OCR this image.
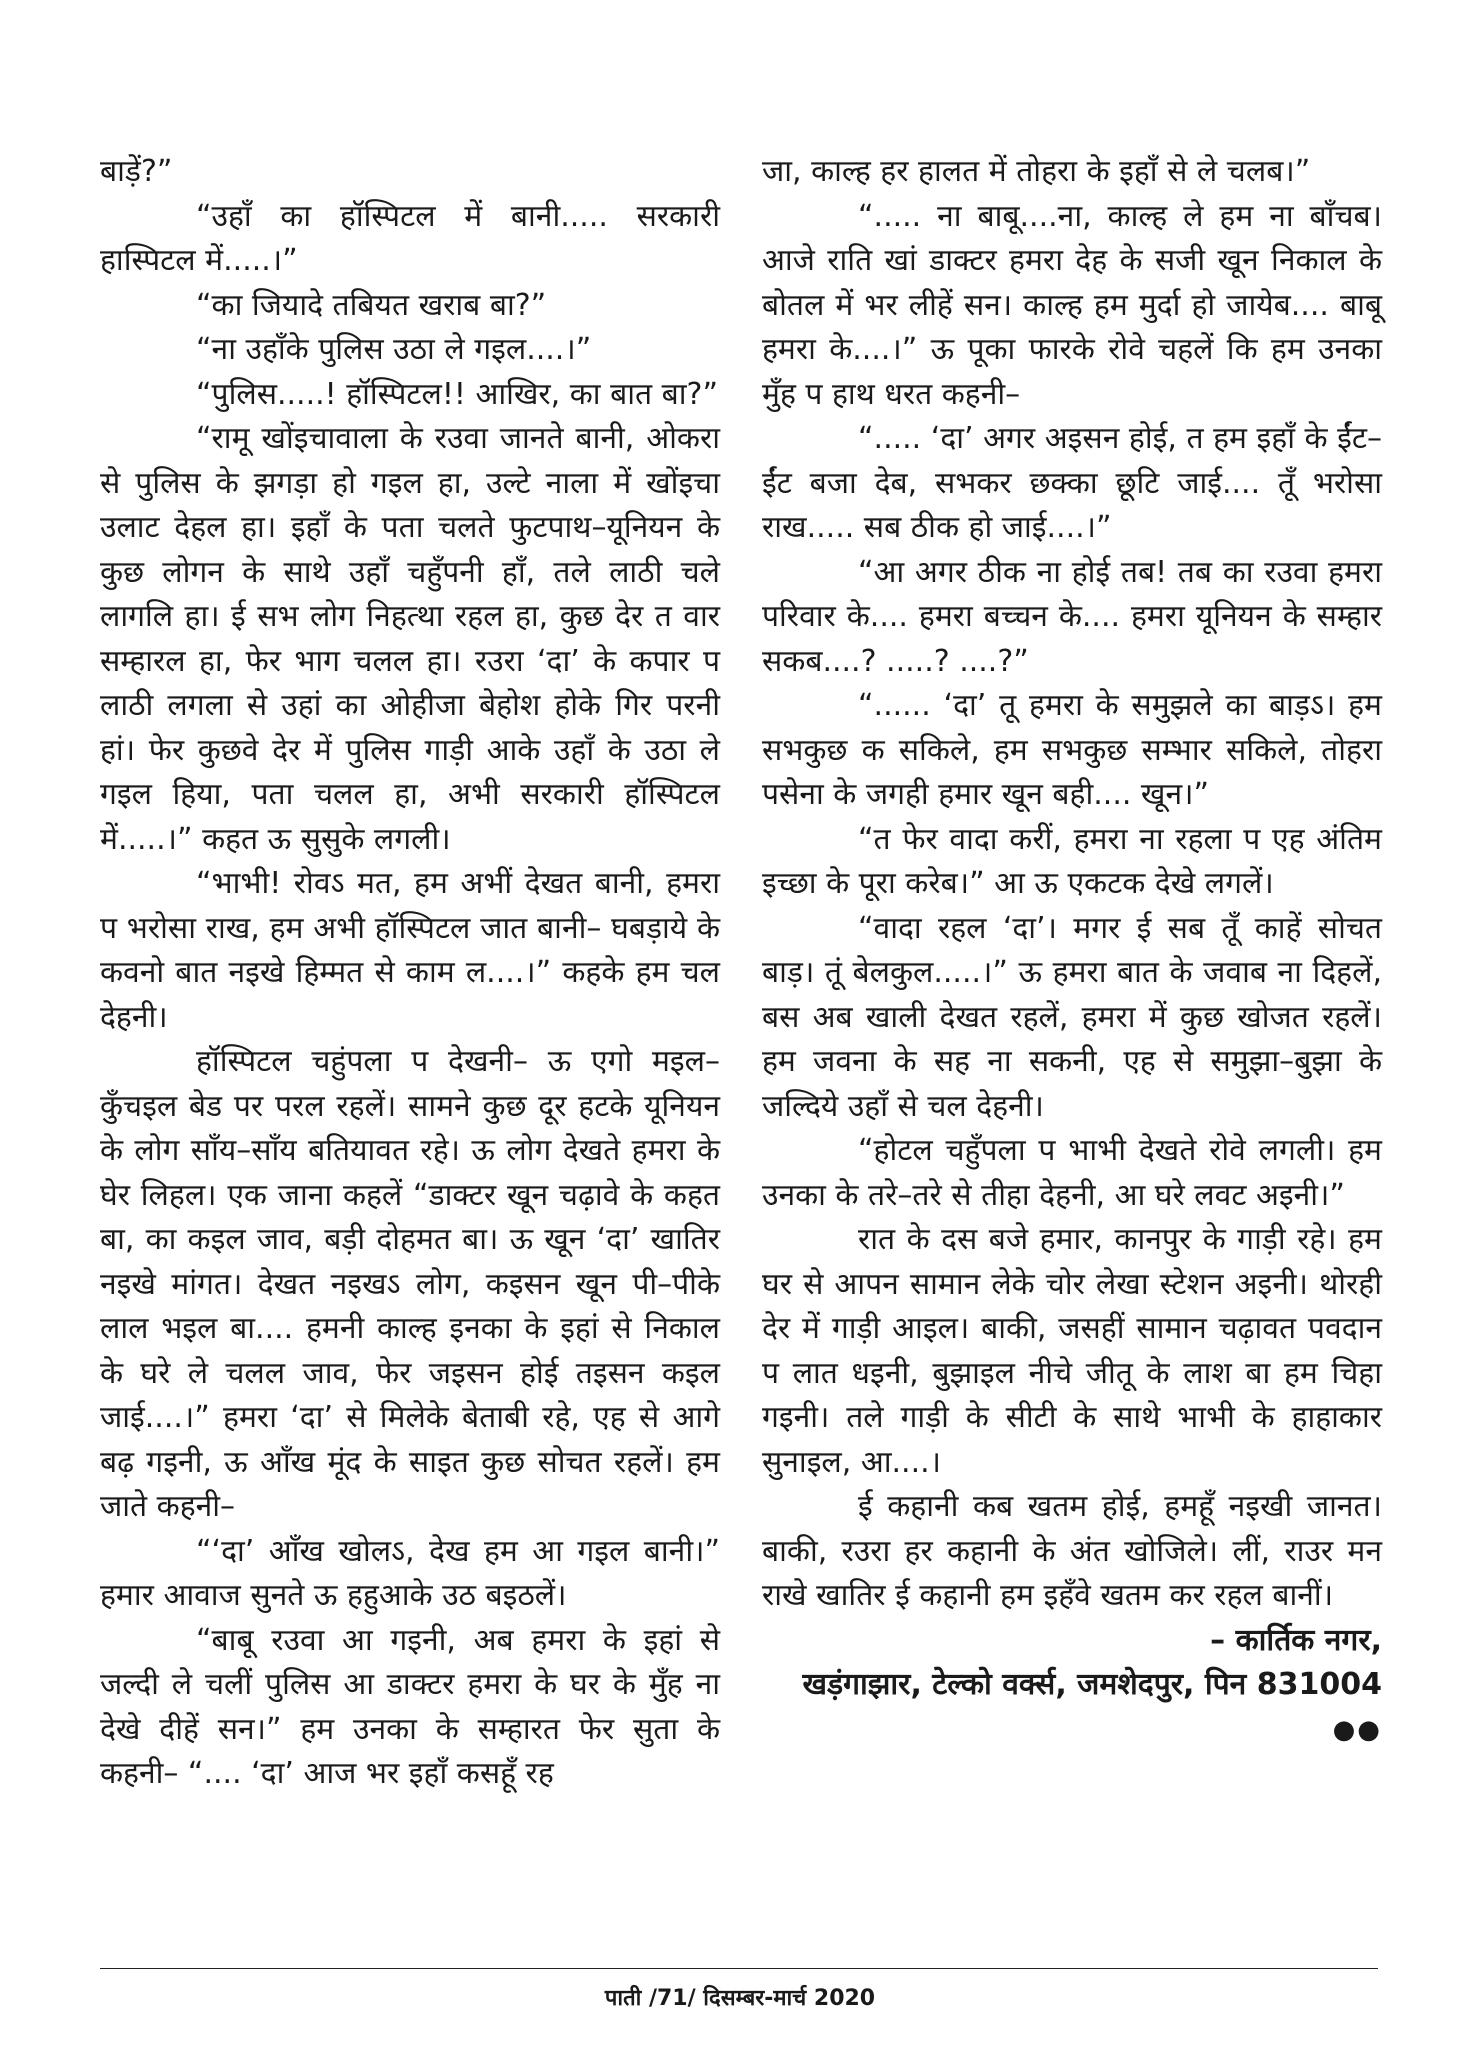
बाड़ें?”

“उहाँ का हॉस्पिटल में बानी..... सरकारी हास्पिटल में.....।”

“का जियादे तबियत खराब बा?”

“ना उहाँके पुलिस उठा ले गइल....।”

“पुलिस.....! हॉस्पिटल!! आखिर, का बात बा?”

“रामू खोंइचावाला के रउवा जानते बानी, ओकरा से पुलिस के झगड़ा हो गइल हा, उल्टे नाला में खोंइचा उलाट देहल हा। इहाँ के पता चलते फुटपाथ–यूनियन के कुछ लोगन के साथे उहाँ चहुँपनी हाँ, तले लाठी चले लागलि हा। ई सभ लोग निहत्था रहल हा, कुछ देर त वार सम्हारल हा, फेर भाग चलल हा। रउरा ‘दा’ के कपार प लाठी लगला से उहां का ओहीजा बेहोश होके गिर परनी हां। फेर कुछवे देर में पुलिस गाड़ी आके उहाँ के उठा ले गइल हिया, पता चलल हा, अभी सरकारी हॉस्पिटल में.....।” कहत ऊ सुसुके लगली।

“भाभी! रोवऽ मत, हम अभीं देखत बानी, हमरा प भरोसा राख, हम अभी हॉस्पिटल जात बानी– घबड़ाये के कवनो बात नइखे हिम्मत से काम ल....।” कहके हम चल देहनी।

हॉस्पिटल चहुंपला प देखनी– ऊ एगो मइल–कुँचइल बेड पर परल रहलें। सामने कुछ दूर हटके यूनियन के लोग सॉंय–सॉंय बतियावत रहे। ऊ लोग देखते हमरा के घेर लिहल। एक जाना कहलें “डाक्टर खून चढ़ावे के कहत बा, का कइल जाव, बड़ी दोहमत बा। ऊ खून ‘दा’ खातिर नइखे मांगत। देखत नइखऽ लोग, कइसन खून पी–पीके लाल भइल बा.... हमनी काल्ह इनका के इहां से निकाल के घरे ले चलल जाव, फेर जइसन होई तइसन कइल जाई....।” हमरा ‘दा’ से मिलेके बेताबी रहे, एह से आगे बढ़ गइनी, ऊ आँख मूंद के साइत कुछ सोचत रहलें। हम जाते कहनी–

“‘दा’ आँख खोलऽ, देख हम आ गइल बानी।” हमार आवाज सुनते ऊ हहुआके उठ बइठलें।

“बाबू रउवा आ गइनी, अब हमरा के इहां से जल्दी ले चलीं पुलिस आ डाक्टर हमरा के घर के मुँह ना देखे दीहें सन।” हम उनका के सम्हारत फेर सुता के कहनी– “.... ‘दा’ आज भर इहाँ कसहूँ रह

जा, काल्ह हर हालत में तोहरा के इहाँ से ले चलब।”

“..... ना बाबू....ना, काल्ह ले हम ना बाँचब। आजे राति खां डाक्टर हमरा देह के सजी खून निकाल के बोतल में भर लीहें सन। काल्ह हम मुर्दा हो जायेब.... बाबू हमरा के....।” ऊ पूका फारके रोवे चहलें कि हम उनका मुँह प हाथ धरत कहनी–

“..... ‘दा’ अगर अइसन होई, त हम इहाँ के ईंट–ईंट बजा देब, सभकर छक्का छूटि जाई.... तूँ भरोसा राख..... सब ठीक हो जाई....।”

“आ अगर ठीक ना होई तब! तब का रउवा हमरा परिवार के.... हमरा बच्चन के.... हमरा यूनियन के सम्हार सकब....? .....? ....?”

“...... ‘दा’ तू हमरा के समुझले का बाड़ऽ। हम सभकुछ क सकिले, हम सभकुछ सम्भार सकिले, तोहरा पसेना के जगही हमार खून बही.... खून।”

“त फेर वादा करीं, हमरा ना रहला प एह अंतिम इच्छा के पूरा करेब।” आ ऊ एकटक देखे लगलें।

“वादा रहल ‘दा’। मगर ई सब तूँ काहें सोचत बाड़। तूं बेलकुल.....।” ऊ हमरा बात के जवाब ना दिहलें, बस अब खाली देखत रहलें, हमरा में कुछ खोजत रहलें। हम जवना के सह ना सकनी, एह से समुझा–बुझा के जल्दिये उहाँ से चल देहनी।

“होटल चहुँपला प भाभी देखते रोवे लगली। हम उनका के तरे–तरे से तीहा देहनी, आ घरे लवट अइनी।”

रात के दस बजे हमार, कानपुर के गाड़ी रहे। हम घर से आपन सामान लेके चोर लेखा स्टेशन अइनी। थोरही देर में गाड़ी आइल। बाकी, जसहीं सामान चढ़ावत पवदान प लात धइनी, बुझाइल नीचे जीतू के लाश बा हम चिहा गइनी। तले गाड़ी के सीटी के साथे भाभी के हाहाकार सुनाइल, आ....।

ई कहानी कब खतम होई, हमहूँ नइखी जानत। बाकी, रउरा हर कहानी के अंत खोजिले। लीं, राउर मन राखे खातिर ई कहानी हम इहँवे खतम कर रहल बानीं।

– कार्तिक नगर,

खड़ंगाझार, टेल्को वर्क्स, जमशेदपुर, पिन 831004

●●

पाती /71/ दिसम्बर-मार्च 2020
